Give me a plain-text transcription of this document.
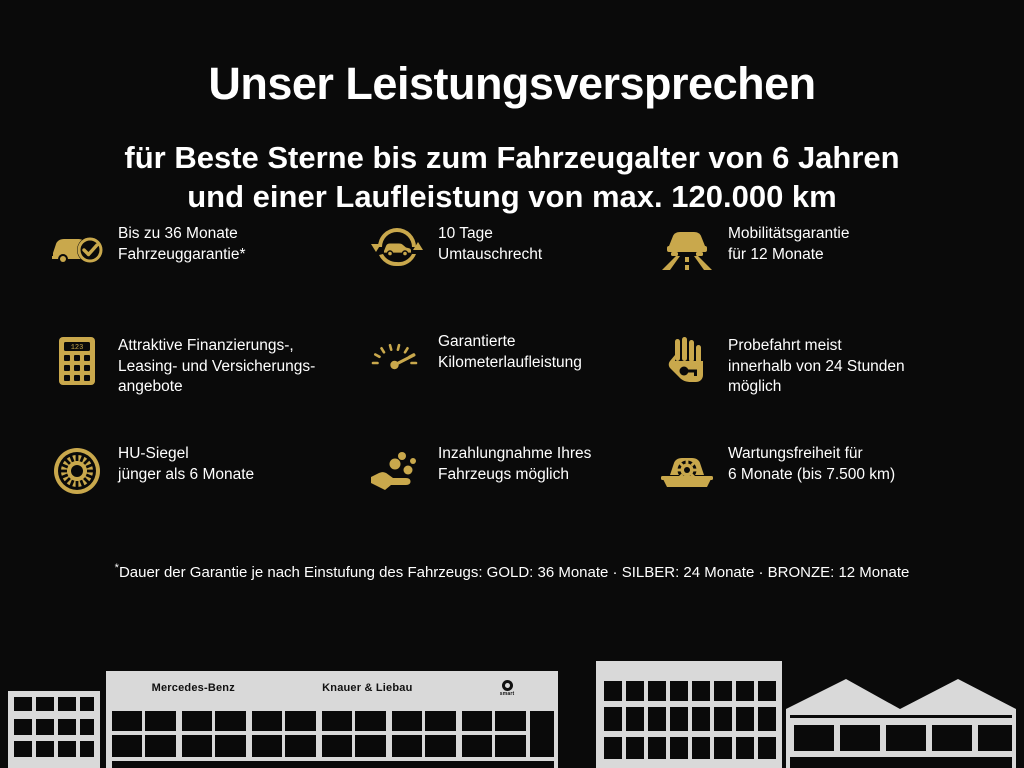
Unser Leistungsversprechen
für Beste Sterne bis zum Fahrzeugalter von 6 Jahren
und einer Laufleistung von max. 120.000 km
Bis zu 36 Monate
Fahrzeuggarantie*
10 Tage
Umtauschrecht
Mobilitätsgarantie
für 12 Monate
123 Attraktive Finanzierungs-,
Leasing- und Versicherungs-
angebote
Garantierte
Kilometerlaufleistung
Probefahrt meist
innerhalb von 24 Stunden
möglich
HU-Siegel
jünger als 6 Monate
Inzahlungnahme Ihres
Fahrzeugs möglich
Wartungsfreiheit für
6 Monate (bis 7.500 km)
*Dauer der Garantie je nach Einstufung des Fahrzeugs: GOLD: 36 Monate · SILBER: 24 Monate · BRONZE: 12 Monate
Mercedes-Benz	Knauer & Liebau	smart
